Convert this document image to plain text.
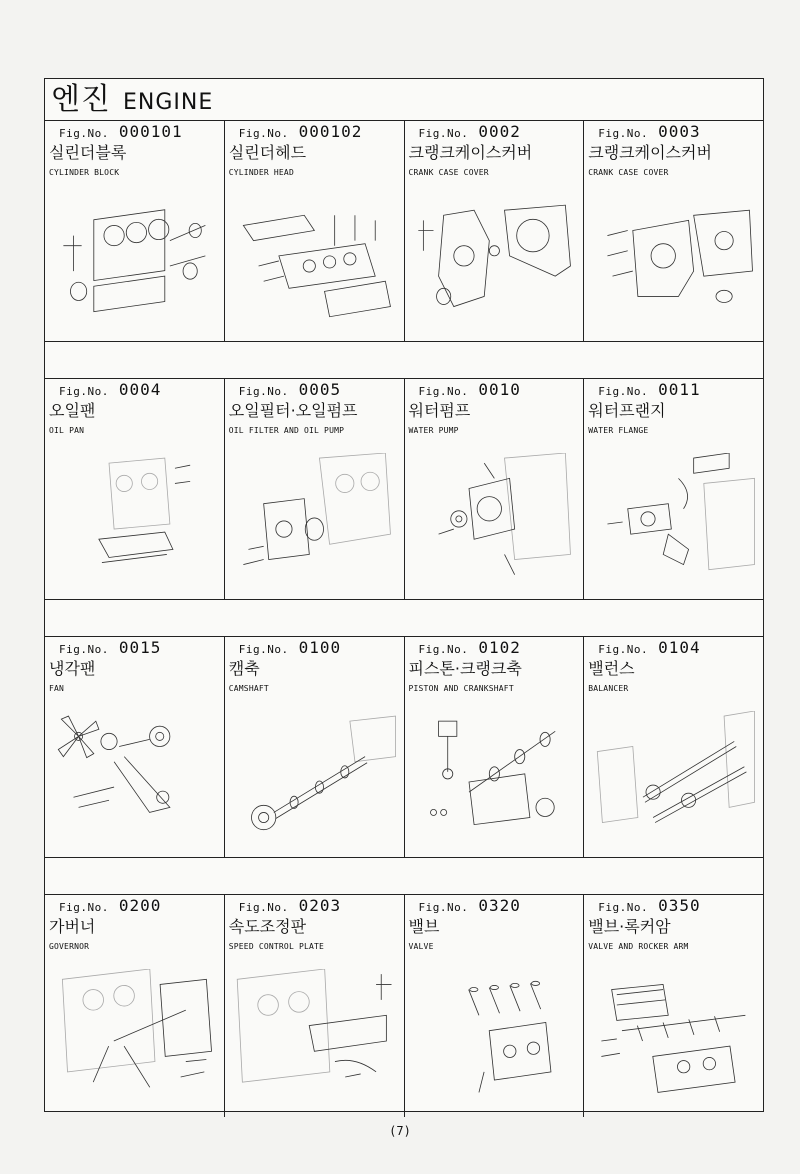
엔진 ENGINE
Fig.No. 000101
실린더블록
CYLINDER BLOCK
Fig.No. 000102
실린더헤드
CYLINDER HEAD
Fig.No. 0002
크랭크케이스커버
CRANK CASE COVER
Fig.No. 0003
크랭크케이스커버
CRANK CASE COVER
Fig.No. 0004
오일팬
OIL PAN
Fig.No. 0005
오일필터·오일펌프
OIL FILTER AND OIL PUMP
Fig.No. 0010
워터펌프
WATER PUMP
Fig.No. 0011
워터프랜지
WATER FLANGE
Fig.No. 0015
냉각팬
FAN
Fig.No. 0100
캠축
CAMSHAFT
Fig.No. 0102
피스톤·크랭크축
PISTON AND CRANKSHAFT
Fig.No. 0104
밸런스
BALANCER
Fig.No. 0200
가버너
GOVERNOR
Fig.No. 0203
속도조정판
SPEED CONTROL PLATE
Fig.No. 0320
밸브
VALVE
Fig.No. 0350
밸브·록커암
VALVE AND ROCKER ARM
(7)
